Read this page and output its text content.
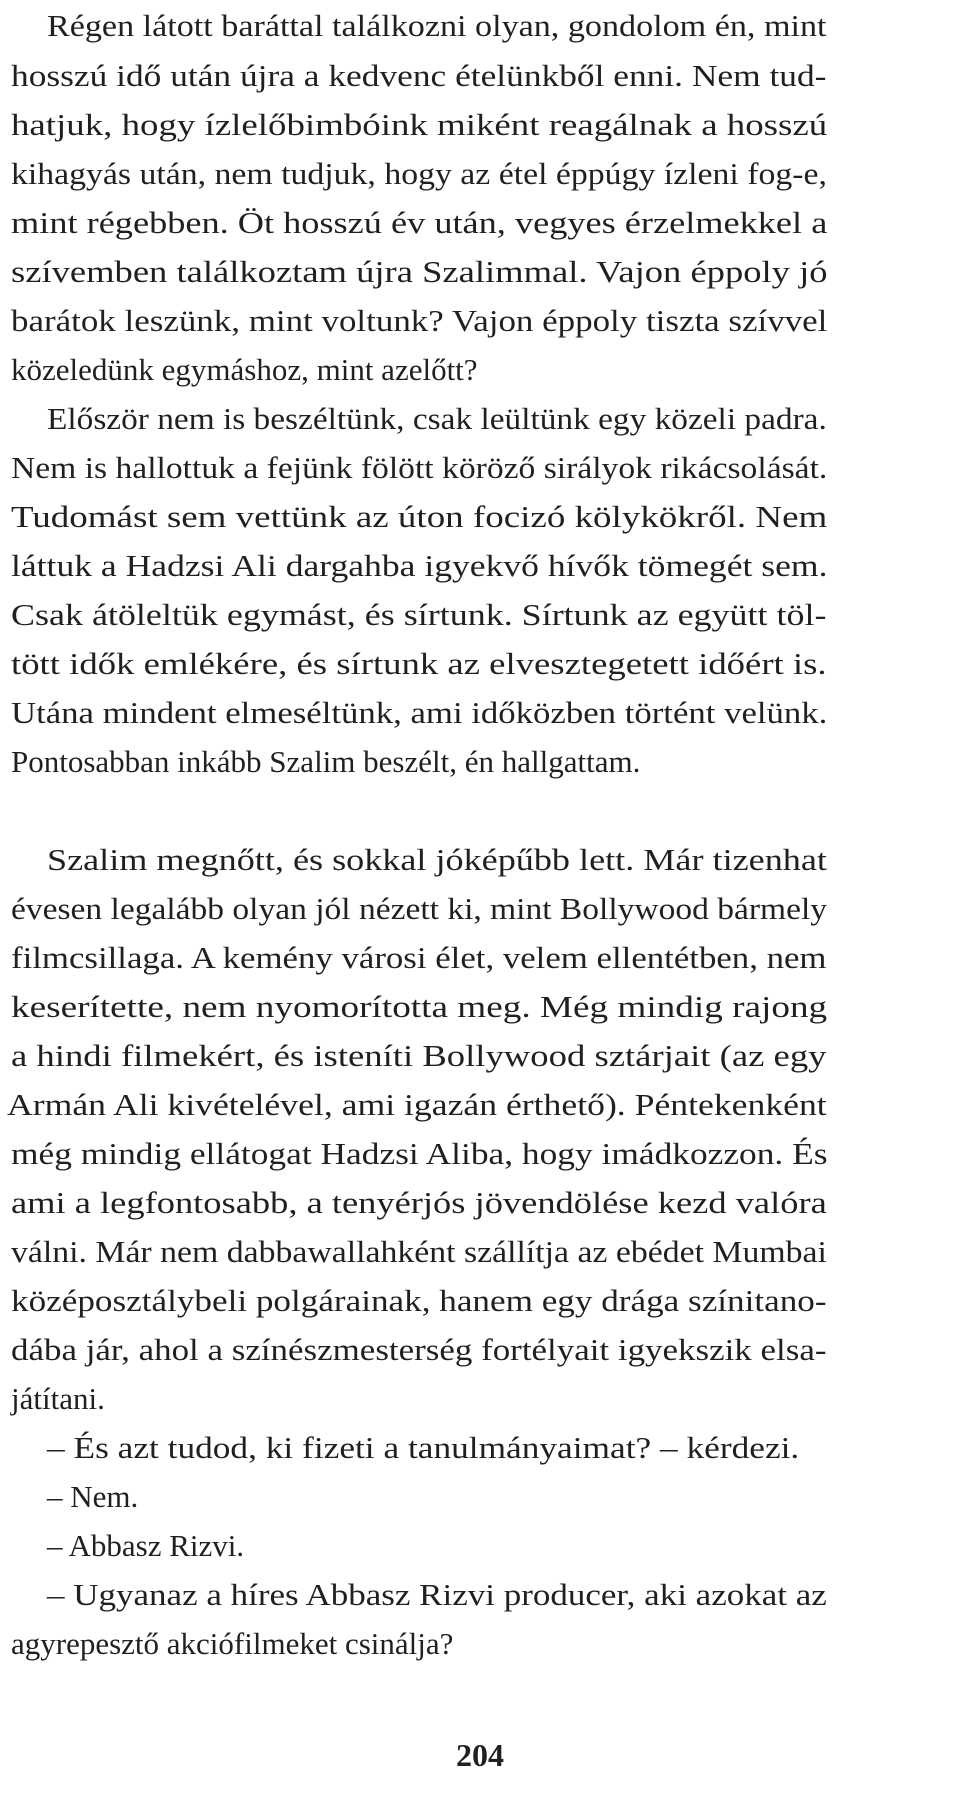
Régen látott baráttal találkozni olyan, gondolom én, mint
hosszú idő után újra a kedvenc ételünkből enni. Nem tud-
hatjuk, hogy ízlelőbimbóink miként reagálnak a hosszú
kihagyás után, nem tudjuk, hogy az étel éppúgy ízleni fog-e,
mint régebben. Öt hosszú év után, vegyes érzelmekkel a
szívemben találkoztam újra Szalimmal. Vajon éppoly jó
barátok leszünk, mint voltunk? Vajon éppoly tiszta szívvel
közeledünk egymáshoz, mint azelőtt?
Először nem is beszéltünk, csak leültünk egy közeli padra.
Nem is hallottuk a fejünk fölött köröző sirályok rikácsolását.
Tudomást sem vettünk az úton focizó kölykökről. Nem
láttuk a Hadzsi Ali dargahba igyekvő hívők tömegét sem.
Csak átöleltük egymást, és sírtunk. Sírtunk az együtt töl-
tött idők emlékére, és sírtunk az elvesztegetett időért is.
Utána mindent elmeséltünk, ami időközben történt velünk.
Pontosabban inkább Szalim beszélt, én hallgattam.
Szalim megnőtt, és sokkal jóképűbb lett. Már tizenhat
évesen legalább olyan jól nézett ki, mint Bollywood bármely
filmcsillaga. A kemény városi élet, velem ellentétben, nem
keserítette, nem nyomorította meg. Még mindig rajong
a hindi filmekért, és isteníti Bollywood sztárjait (az egy
Armán Ali kivételével, ami igazán érthető). Péntekenként
még mindig ellátogat Hadzsi Aliba, hogy imádkozzon. És
ami a legfontosabb, a tenyérjós jövendölése kezd valóra
válni. Már nem dabbawallahként szállítja az ebédet Mumbai
középosztálybeli polgárainak, hanem egy drága színitano-
dába jár, ahol a színészmesterség fortélyait igyekszik elsa-
játítani.
– És azt tudod, ki fizeti a tanulmányaimat? – kérdezi.
– Nem.
– Abbasz Rizvi.
– Ugyanaz a híres Abbasz Rizvi producer, aki azokat az
agyrepesztő akciófilmeket csinálja?
204
